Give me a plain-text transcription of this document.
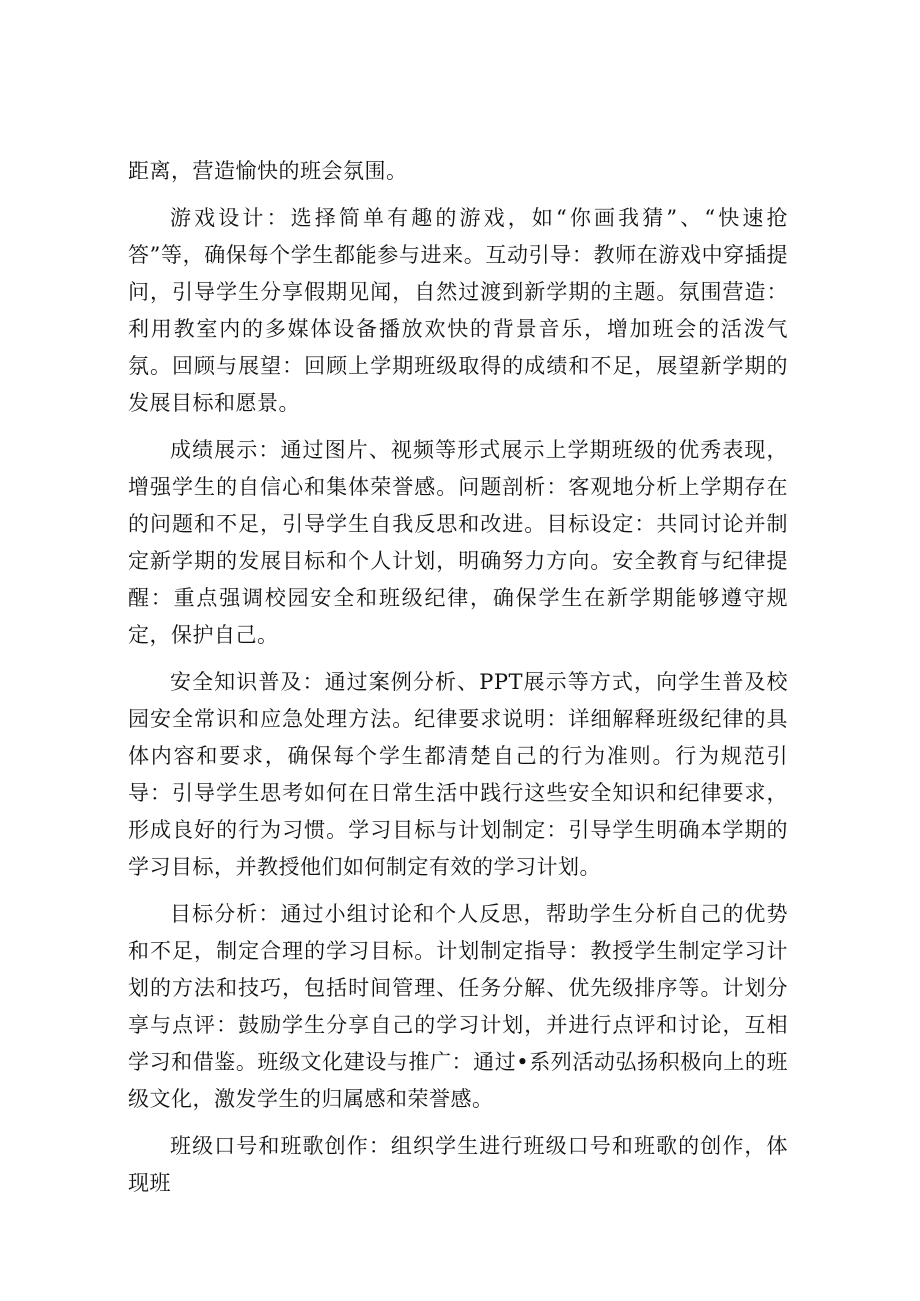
距离，营造愉快的班会氛围。

游戏设计：选择简单有趣的游戏，如“你画我猜”、“快速抢答”等，确保每个学生都能参与进来。互动引导：教师在游戏中穿插提问，引导学生分享假期见闻，自然过渡到新学期的主题。氛围营造：利用教室内的多媒体设备播放欢快的背景音乐，增加班会的活泼气氛。回顾与展望：回顾上学期班级取得的成绩和不足，展望新学期的发展目标和愿景。

成绩展示：通过图片、视频等形式展示上学期班级的优秀表现，增强学生的自信心和集体荣誉感。问题剖析：客观地分析上学期存在的问题和不足，引导学生自我反思和改进。目标设定：共同讨论并制定新学期的发展目标和个人计划，明确努力方向。安全教育与纪律提醒：重点强调校园安全和班级纪律，确保学生在新学期能够遵守规定，保护自己。

安全知识普及：通过案例分析、PPT展示等方式，向学生普及校园安全常识和应急处理方法。纪律要求说明：详细解释班级纪律的具体内容和要求，确保每个学生都清楚自己的行为准则。行为规范引导：引导学生思考如何在日常生活中践行这些安全知识和纪律要求，形成良好的行为习惯。学习目标与计划制定：引导学生明确本学期的学习目标，并教授他们如何制定有效的学习计划。

目标分析：通过小组讨论和个人反思，帮助学生分析自己的优势和不足，制定合理的学习目标。计划制定指导：教授学生制定学习计划的方法和技巧，包括时间管理、任务分解、优先级排序等。计划分享与点评：鼓励学生分享自己的学习计划，并进行点评和讨论，互相学习和借鉴。班级文化建设与推广：通过•系列活动弘扬积极向上的班级文化，激发学生的归属感和荣誉感。

班级口号和班歌创作：组织学生进行班级口号和班歌的创作，体现班
